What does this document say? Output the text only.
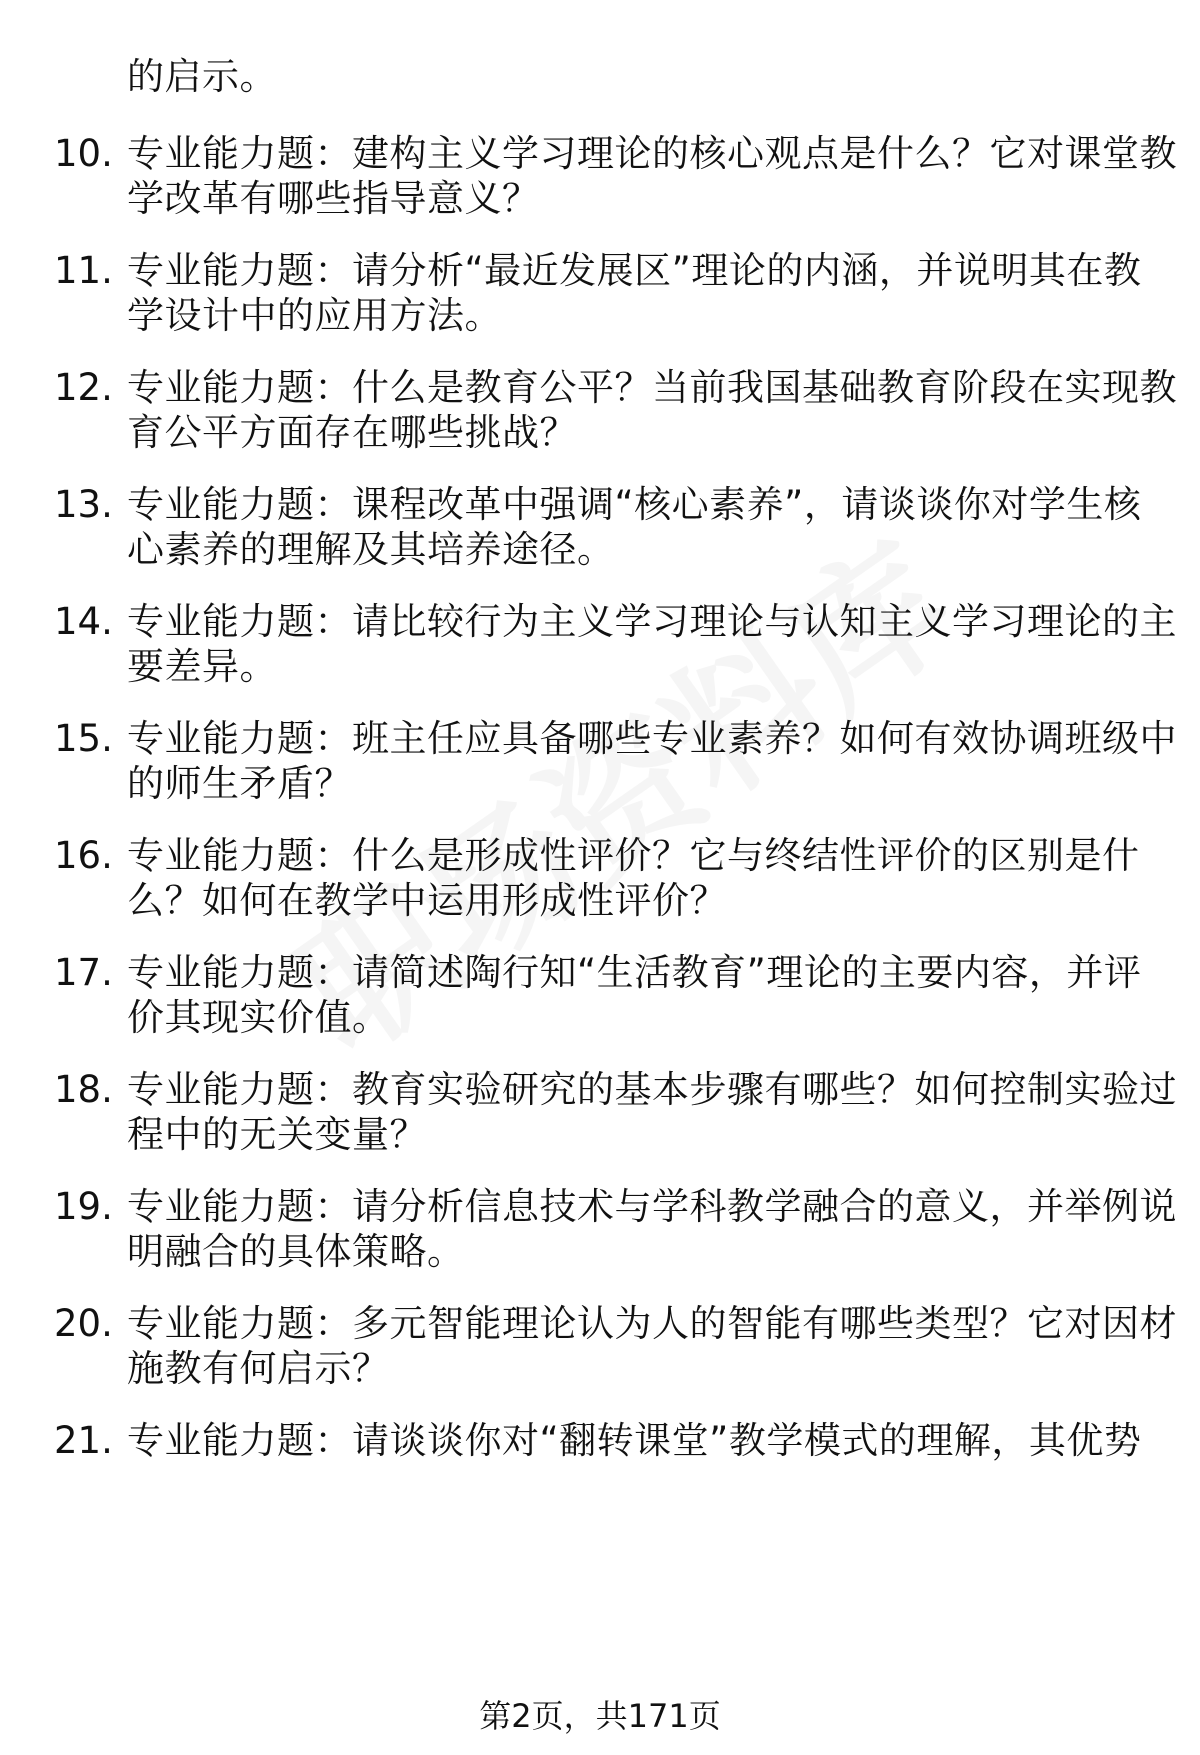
的启示。
10. 专业能力题：建构主义学习理论的核心观点是什么？它对课堂教
学改革有哪些指导意义？
11. 专业能力题：请分析“最近发展区”理论的内涵，并说明其在教
学设计中的应用方法。
12. 专业能力题：什么是教育公平？当前我国基础教育阶段在实现教
育公平方面存在哪些挑战？
13. 专业能力题：课程改革中强调“核心素养”，请谈谈你对学生核
心素养的理解及其培养途径。
14. 专业能力题：请比较行为主义学习理论与认知主义学习理论的主
要差异。
15. 专业能力题：班主任应具备哪些专业素养？如何有效协调班级中
的师生矛盾？
16. 专业能力题：什么是形成性评价？它与终结性评价的区别是什
么？如何在教学中运用形成性评价？
17. 专业能力题：请简述陶行知“生活教育”理论的主要内容，并评
价其现实价值。
18. 专业能力题：教育实验研究的基本步骤有哪些？如何控制实验过
程中的无关变量？
19. 专业能力题：请分析信息技术与学科教学融合的意义，并举例说
明融合的具体策略。
20. 专业能力题：多元智能理论认为人的智能有哪些类型？它对因材
施教有何启示？
21. 专业能力题：请谈谈你对“翻转课堂”教学模式的理解，其优势
第2页，共171页
